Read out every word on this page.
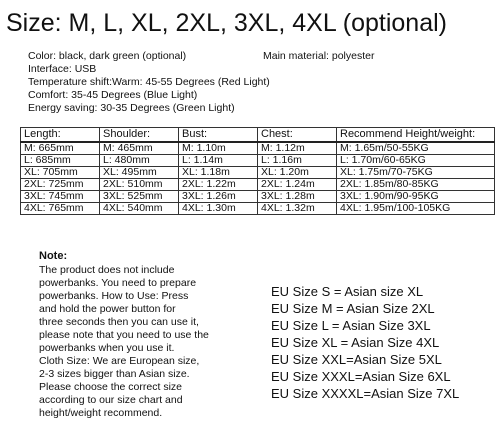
Size: M, L, XL, 2XL, 3XL, 4XL (optional)
Color: black, dark green (optional)
Interface: USB
Temperature shift:Warm: 45-55 Degrees (Red Light)
Comfort: 35-45 Degrees (Blue Light)
Energy saving: 30-35 Degrees (Green Light)
Main material: polyester
Length:	Shoulder:	Bust:	Chest:	Recommend Height/weight:
M: 665mm	M: 465mm	M: 1.10m	M: 1.12m	M: 1.65m/50-55KG
L: 685mm	L: 480mm	L: 1.14m	L: 1.16m	L: 1.70m/60-65KG
XL: 705mm	XL: 495mm	XL: 1.18m	XL: 1.20m	XL: 1.75m/70-75KG
2XL: 725mm	2XL: 510mm	2XL: 1.22m	2XL: 1.24m	2XL: 1.85m/80-85KG
3XL: 745mm	3XL: 525mm	3XL: 1.26m	3XL: 1.28m	3XL: 1.90m/90-95KG
4XL: 765mm	4XL: 540mm	4XL: 1.30m	4XL: 1.32m	4XL: 1.95m/100-105KG
Note:
The product does not include
powerbanks. You need to prepare
powerbanks. How to Use: Press
and hold the power button for
three seconds then you can use it,
please note that you need to use the
powerbanks when you use it.
Cloth Size: We are European size,
2-3 sizes bigger than Asian size.
Please choose the correct size
according to our size chart and
height/weight recommend.
EU Size S = Asian size XL
EU Size M = Asian Size 2XL
EU Size L = Asian Size 3XL
EU Size XL = Asian Size 4XL
EU Size XXL=Asian Size 5XL
EU Size XXXL=Asian Size 6XL
EU Size XXXXL=Asian Size 7XL
